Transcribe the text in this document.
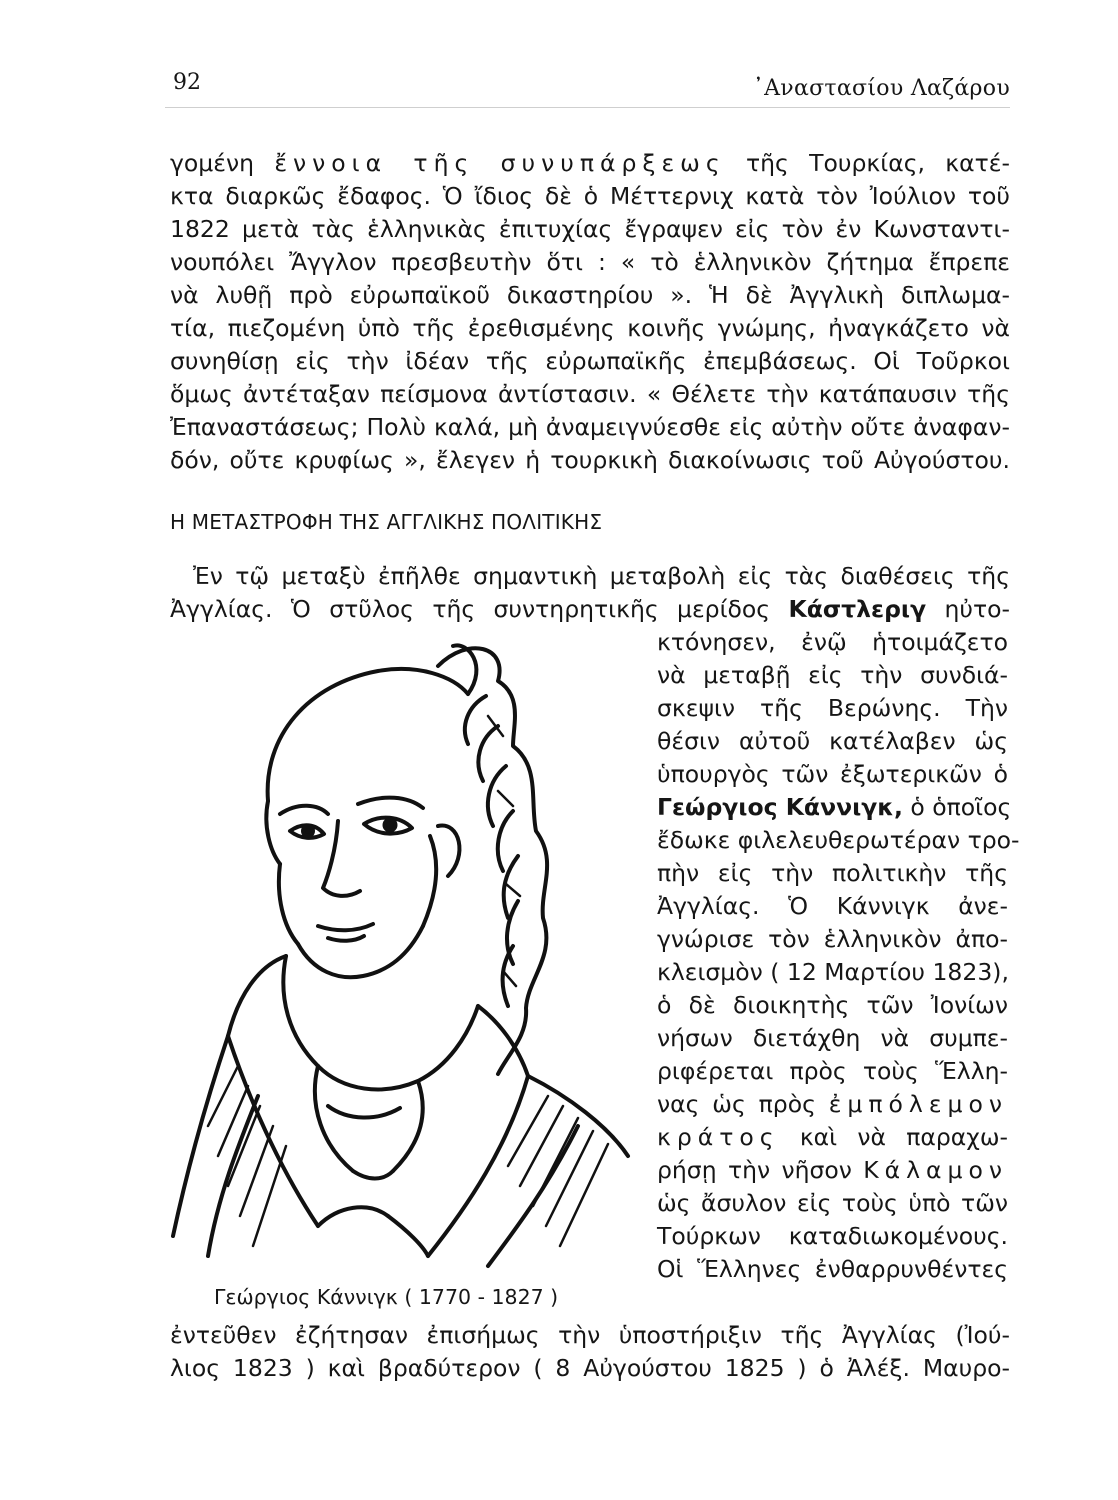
92	᾿Αναστασίου Λαζάρου
γομένη ἔννοια τῆς συνυπάρξεως τῆς Τουρκίας, κατέ-
κτα διαρκῶς ἔδαφος. Ὁ ἴδιος δὲ ὁ Μέττερνιχ κατὰ τὸν Ἰούλιον τοῦ
1822 μετὰ τὰς ἑλληνικὰς ἐπιτυχίας ἔγραψεν εἰς τὸν ἐν Κωνσταντι-
νουπόλει Ἄγγλον πρεσβευτὴν ὅτι : « τὸ ἑλληνικὸν ζήτημα ἔπρεπε
νὰ λυθῇ πρὸ εὐρωπαϊκοῦ δικαστηρίου ». Ἡ δὲ Ἀγγλικὴ διπλωμα-
τία, πιεζομένη ὑπὸ τῆς ἐρεθισμένης κοινῆς γνώμης, ἠναγκάζετο νὰ
συνηθίσῃ εἰς τὴν ἰδέαν τῆς εὐρωπαϊκῆς ἐπεμβάσεως. Οἱ Τοῦρκοι
ὅμως ἀντέταξαν πείσμονα ἀντίστασιν. « Θέλετε τὴν κατάπαυσιν τῆς
Ἐπαναστάσεως; Πολὺ καλά, μὴ ἀναμειγνύεσθε εἰς αὐτὴν οὔτε ἀναφαν-
δόν, οὔτε κρυφίως », ἔλεγεν ἡ τουρκικὴ διακοίνωσις τοῦ Αὐγούστου.
Η ΜΕΤΑΣΤΡΟΦΗ ΤΗΣ ΑΓΓΛΙΚΗΣ ΠΟΛΙΤΙΚΗΣ
Ἐν τῷ μεταξὺ ἐπῆλθε σημαντικὴ μεταβολὴ εἰς τὰς διαθέσεις τῆς
Ἀγγλίας. Ὁ στῦλος τῆς συντηρητικῆς μερίδος Κάστλεριγ ηὐτο-
κτόνησεν, ἐνῷ ἡτοιμάζετο
νὰ μεταβῇ εἰς τὴν συνδιά-
σκεψιν τῆς Βερώνης. Τὴν
θέσιν αὐτοῦ κατέλαβεν ὡς
ὑπουργὸς τῶν ἐξωτερικῶν ὁ
Γεώργιος Κάννιγκ, ὁ ὁποῖος
ἔδωκε φιλελευθερωτέραν τρο-
πὴν εἰς τὴν πολιτικὴν τῆς
Ἀγγλίας. Ὁ Κάννιγκ ἀνε-
γνώρισε τὸν ἑλληνικὸν ἀπο-
κλεισμὸν ( 12 Μαρτίου 1823),
ὁ δὲ διοικητὴς τῶν Ἰονίων
νήσων διετάχθη νὰ συμπε-
ριφέρεται πρὸς τοὺς Ἕλλη-
νας ὡς πρὸς ἐμπόλεμον
κράτος καὶ νὰ παραχω-
ρήσῃ τὴν νῆσον Κάλαμον
ὡς ἄσυλον εἰς τοὺς ὑπὸ τῶν
Τούρκων καταδιωκομένους.
Οἱ Ἕλληνες ἐνθαρρυνθέντες
ἐντεῦθεν ἐζήτησαν ἐπισήμως τὴν ὑποστήριξιν τῆς Ἀγγλίας (Ἰού-
λιος 1823 ) καὶ βραδύτερον ( 8 Αὐγούστου 1825 ) ὁ Ἀλέξ. Μαυρο-
Γεώργιος Κάννιγκ ( 1770 - 1827 )
